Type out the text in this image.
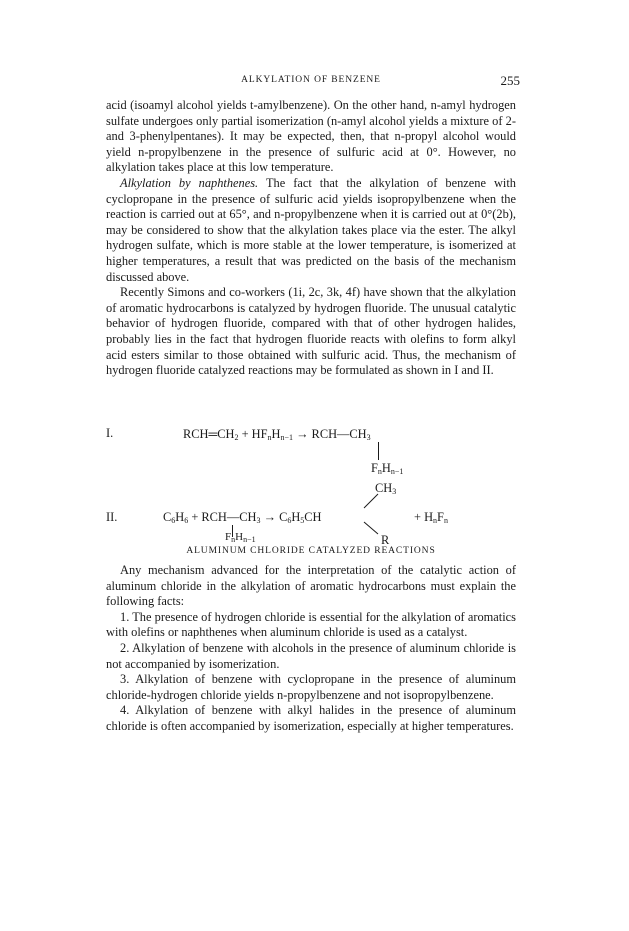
ALKYLATION OF BENZENE	255

acid (isoamyl alcohol yields t-amylbenzene). On the other hand, n-amyl hydrogen sulfate undergoes only partial isomerization (n-amyl alcohol yields a mixture of 2- and 3-phenylpentanes). It may be expected, then, that n-propyl alcohol would yield n-propylbenzene in the presence of sulfuric acid at 0°. However, no alkylation takes place at this low temperature.

Alkylation by naphthenes. The fact that the alkylation of benzene with cyclopropane in the presence of sulfuric acid yields isopropylbenzene when the reaction is carried out at 65°, and n-propylbenzene when it is carried out at 0°(2b), may be considered to show that the alkylation takes place via the ester. The alkyl hydrogen sulfate, which is more stable at the lower temperature, is isomerized at higher temperatures, a result that was predicted on the basis of the mechanism discussed above.

Recently Simons and co-workers (1i, 2c, 3k, 4f) have shown that the alkylation of aromatic hydrocarbons is catalyzed by hydrogen fluoride. The unusual catalytic behavior of hydrogen fluoride, compared with that of other hydrogen halides, probably lies in the fact that hydrogen fluoride reacts with olefins to form alkyl acid esters similar to those obtained with sulfuric acid. Thus, the mechanism of hydrogen fluoride catalyzed reactions may be formulated as shown in I and II.

I.	$RCH═CH_2 + HF_nH_{n-1}$ → $RCH—CH_3$
$F_nH_{n-1}$
$CH_3$
II.	$C_6H_6$ + $RCH—CH_3 \to C_6H_5CH$	+ $H_nF_n$
$F_nH_{n-1}$	R
ALUMINUM CHLORIDE CATALYZED REACTIONS

Any mechanism advanced for the interpretation of the catalytic action of aluminum chloride in the alkylation of aromatic hydrocarbons must explain the following facts:

1. The presence of hydrogen chloride is essential for the alkylation of aromatics with olefins or naphthenes when aluminum chloride is used as a catalyst.

2. Alkylation of benzene with alcohols in the presence of aluminum chloride is not accompanied by isomerization.

3. Alkylation of benzene with cyclopropane in the presence of aluminum chloride-hydrogen chloride yields n-propylbenzene and not isopropylbenzene.

4. Alkylation of benzene with alkyl halides in the presence of aluminum chloride is often accompanied by isomerization, especially at higher temperatures.
